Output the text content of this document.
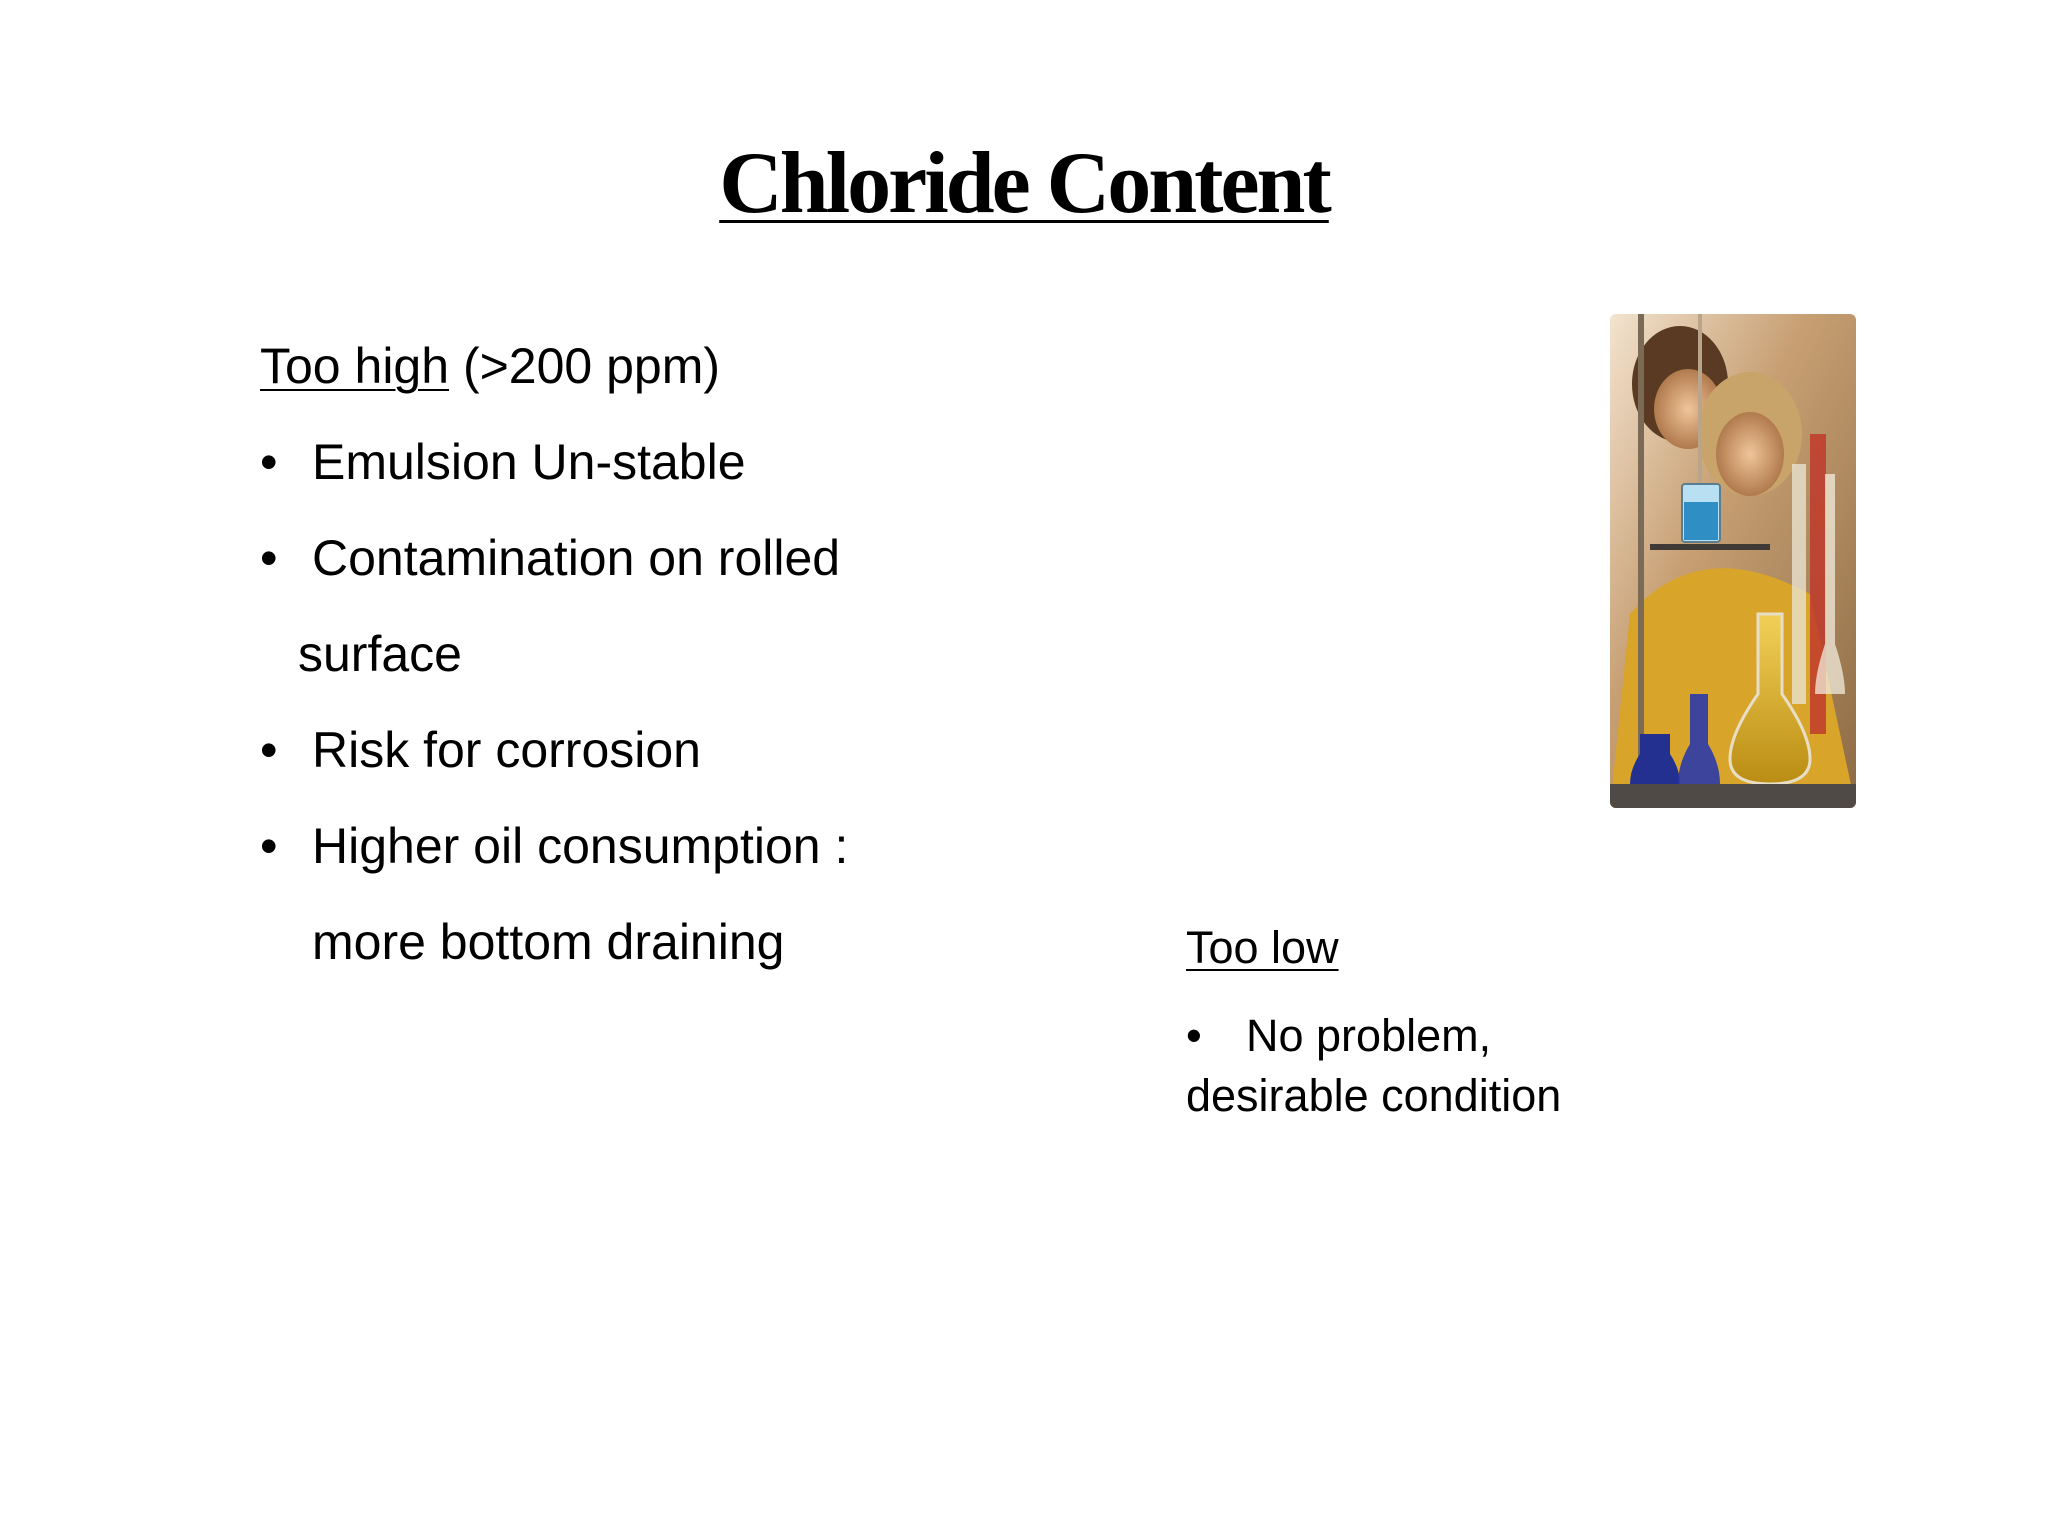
Chloride Content
Too high (>200 ppm)
• Emulsion Un-stable
• Contamination on rolled
surface
• Risk for corrosion
• Higher oil consumption :
more bottom draining	Too low
• No problem,
desirable condition
